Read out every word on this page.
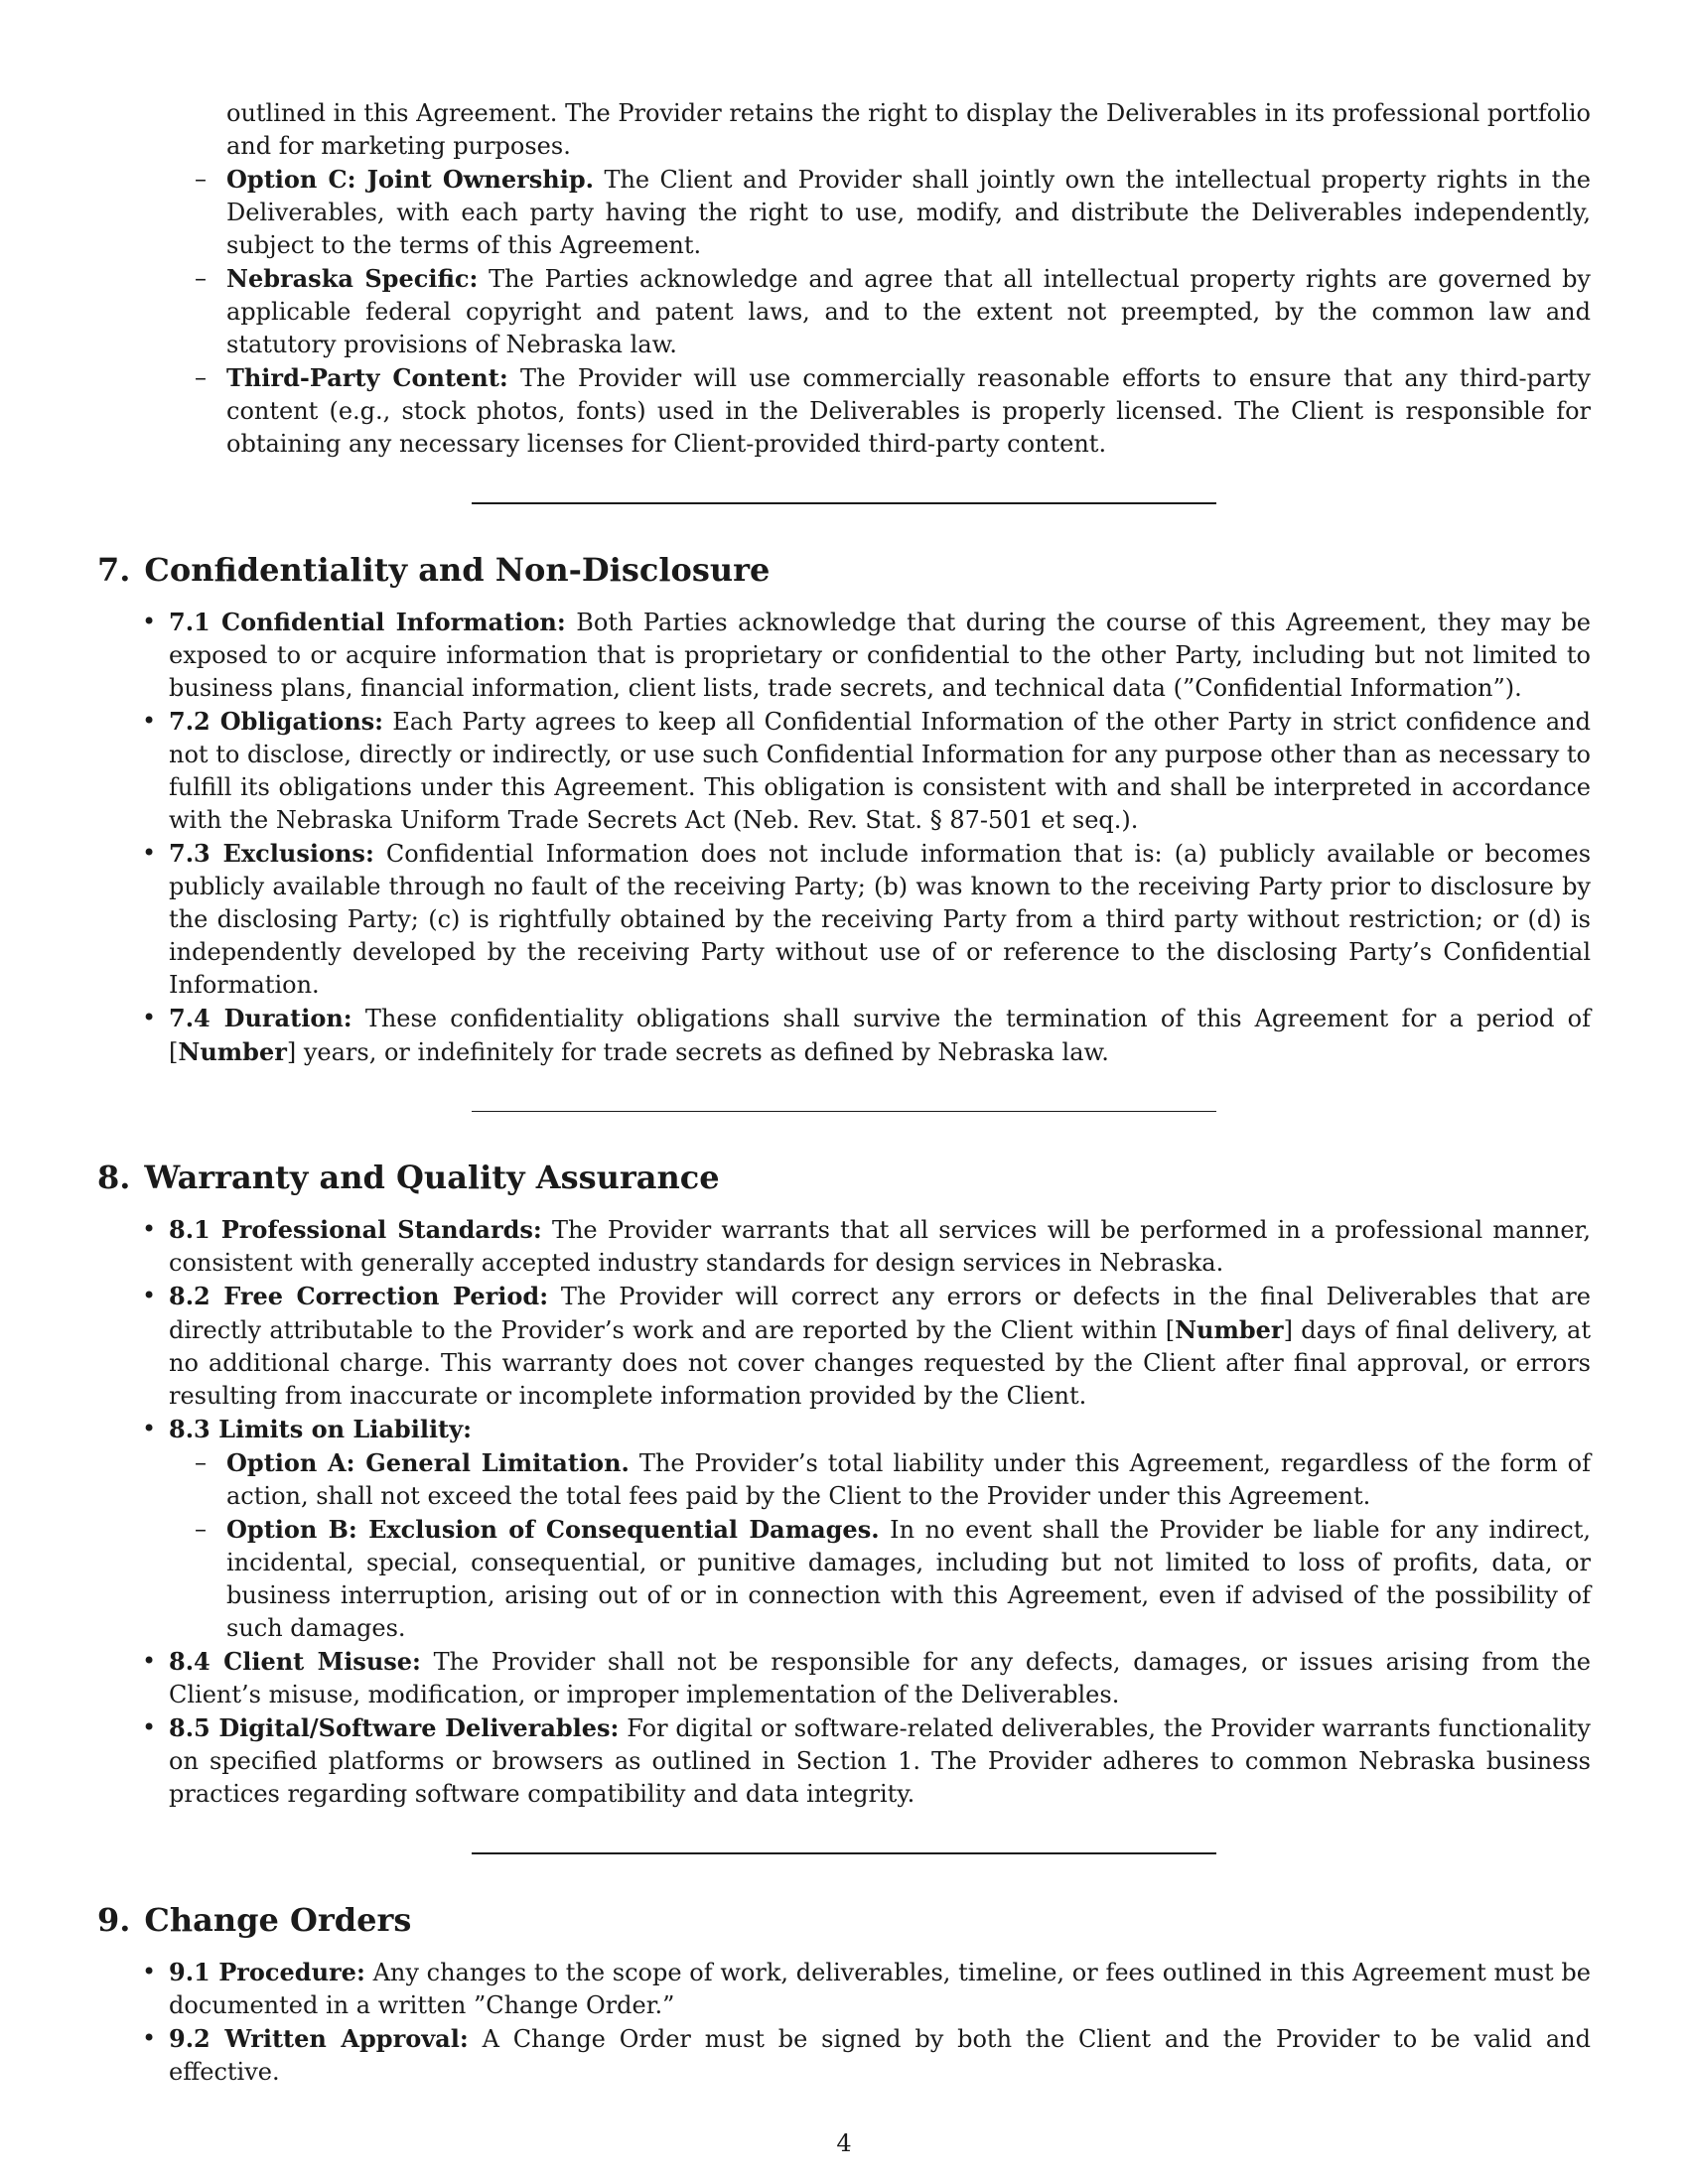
outlined in this Agreement. The Provider retains the right to display the Deliverables in its professional portfolio and for marketing purposes.

– Option C: Joint Ownership. The Client and Provider shall jointly own the intellectual property rights in the Deliverables, with each party having the right to use, modify, and distribute the Deliverables independently, subject to the terms of this Agreement.
– Nebraska Specific: The Parties acknowledge and agree that all intellectual property rights are governed by applicable federal copyright and patent laws, and to the extent not preempted, by the common law and statutory provisions of Nebraska law.
– Third-Party Content: The Provider will use commercially reasonable efforts to ensure that any third-party content (e.g., stock photos, fonts) used in the Deliverables is properly licensed. The Client is responsible for obtaining any necessary licenses for Client-provided third-party content.
7. Confidentiality and Non-Disclosure
• 7.1 Confidential Information: Both Parties acknowledge that during the course of this Agreement, they may be exposed to or acquire information that is proprietary or confidential to the other Party, including but not limited to business plans, financial information, client lists, trade secrets, and technical data (”Confidential Information”).
• 7.2 Obligations: Each Party agrees to keep all Confidential Information of the other Party in strict confidence and not to disclose, directly or indirectly, or use such Confidential Information for any purpose other than as necessary to fulfill its obligations under this Agreement. This obligation is consistent with and shall be interpreted in accordance with the Nebraska Uniform Trade Secrets Act (Neb. Rev. Stat. § 87-501 et seq.).
• 7.3 Exclusions: Confidential Information does not include information that is: (a) publicly available or becomes publicly available through no fault of the receiving Party; (b) was known to the receiving Party prior to disclosure by the disclosing Party; (c) is rightfully obtained by the receiving Party from a third party without restriction; or (d) is independently developed by the receiving Party without use of or reference to the disclosing Party’s Confidential Information.
• 7.4 Duration: These confidentiality obligations shall survive the termination of this Agreement for a period of [Number] years, or indefinitely for trade secrets as defined by Nebraska law.
8. Warranty and Quality Assurance
• 8.1 Professional Standards: The Provider warrants that all services will be performed in a professional manner, consistent with generally accepted industry standards for design services in Nebraska.
• 8.2 Free Correction Period: The Provider will correct any errors or defects in the final Deliverables that are directly attributable to the Provider’s work and are reported by the Client within [Number] days of final delivery, at no additional charge. This warranty does not cover changes requested by the Client after final approval, or errors resulting from inaccurate or incomplete information provided by the Client.
• 8.3 Limits on Liability:
– Option A: General Limitation. The Provider’s total liability under this Agreement, regardless of the form of action, shall not exceed the total fees paid by the Client to the Provider under this Agreement.
– Option B: Exclusion of Consequential Damages. In no event shall the Provider be liable for any indirect, incidental, special, consequential, or punitive damages, including but not limited to loss of profits, data, or business interruption, arising out of or in connection with this Agreement, even if advised of the possibility of such damages.
• 8.4 Client Misuse: The Provider shall not be responsible for any defects, damages, or issues arising from the Client’s misuse, modification, or improper implementation of the Deliverables.
• 8.5 Digital/Software Deliverables: For digital or software-related deliverables, the Provider warrants functionality on specified platforms or browsers as outlined in Section 1. The Provider adheres to common Nebraska business practices regarding software compatibility and data integrity.
9. Change Orders
• 9.1 Procedure: Any changes to the scope of work, deliverables, timeline, or fees outlined in this Agreement must be documented in a written ”Change Order.”
• 9.2 Written Approval: A Change Order must be signed by both the Client and the Provider to be valid and effective.
4
